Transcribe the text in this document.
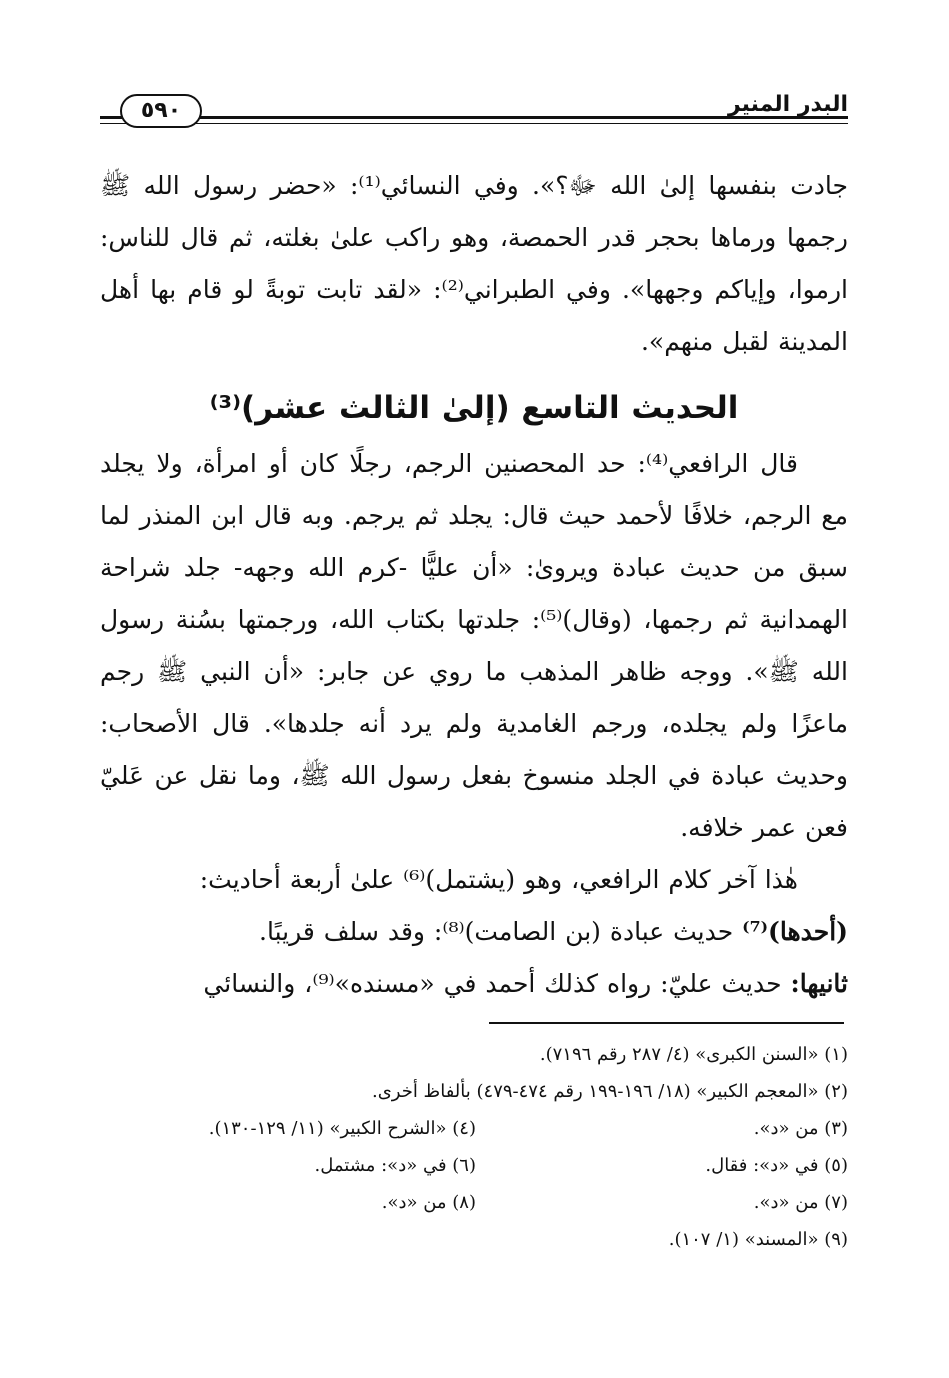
٥٩٠	البدر المنير

جادت بنفسها إلىٰ الله ﷻ؟». وفي النسائي⁽¹⁾: «حضر رسول الله ﷺ رجمها ورماها بحجر قدر الحمصة، وهو راكب علىٰ بغلته، ثم قال للناس: ارموا، وإياكم وجهها». وفي الطبراني⁽²⁾: «لقد تابت توبةً لو قام بها أهل المدينة لقبل منهم».

الحديث التاسع (إلىٰ الثالث عشر)⁽³⁾

قال الرافعي⁽⁴⁾: حد المحصنين الرجم، رجلًا كان أو امرأة، ولا يجلد مع الرجم، خلافًا لأحمد حيث قال: يجلد ثم يرجم. وبه قال ابن المنذر لما سبق من حديث عبادة ويروىٰ: «أن عليًّا -كرم الله وجهه- جلد شراحة الهمدانية ثم رجمها، (وقال)⁽⁵⁾: جلدتها بكتاب الله، ورجمتها بسُنة رسول الله ﷺ». ووجه ظاهر المذهب ما روي عن جابر: «أن النبي ﷺ رجم ماعزًا ولم يجلده، ورجم الغامدية ولم يرد أنه جلدها». قال الأصحاب: وحديث عبادة في الجلد منسوخ بفعل رسول الله ﷺ، وما نقل عن عَليّ فعن عمر خلافه.

هٰذا آخر كلام الرافعي، وهو (يشتمل)⁽⁶⁾ علىٰ أربعة أحاديث:

(أحدها)⁽⁷⁾ حديث عبادة (بن الصامت)⁽⁸⁾: وقد سلف قريبًا.

ثانيها: حديث عليّ: رواه كذلك أحمد في «مسنده»⁽⁹⁾، والنسائي

(١) «السنن الكبرى» (٤/ ٢٨٧ رقم ٧١٩٦).
(٢) «المعجم الكبير» (١٨/ ١٩٦-١٩٩ رقم ٤٧٤-٤٧٩) بألفاظ أخرى.
(٣) من «د».
(٤) «الشرح الكبير» (١١/ ١٢٩-١٣٠).
(٥) في «د»: فقال.
(٦) في «د»: مشتمل.
(٧) من «د».
(٨) من «د».
(٩) «المسند» (١/ ١٠٧).
